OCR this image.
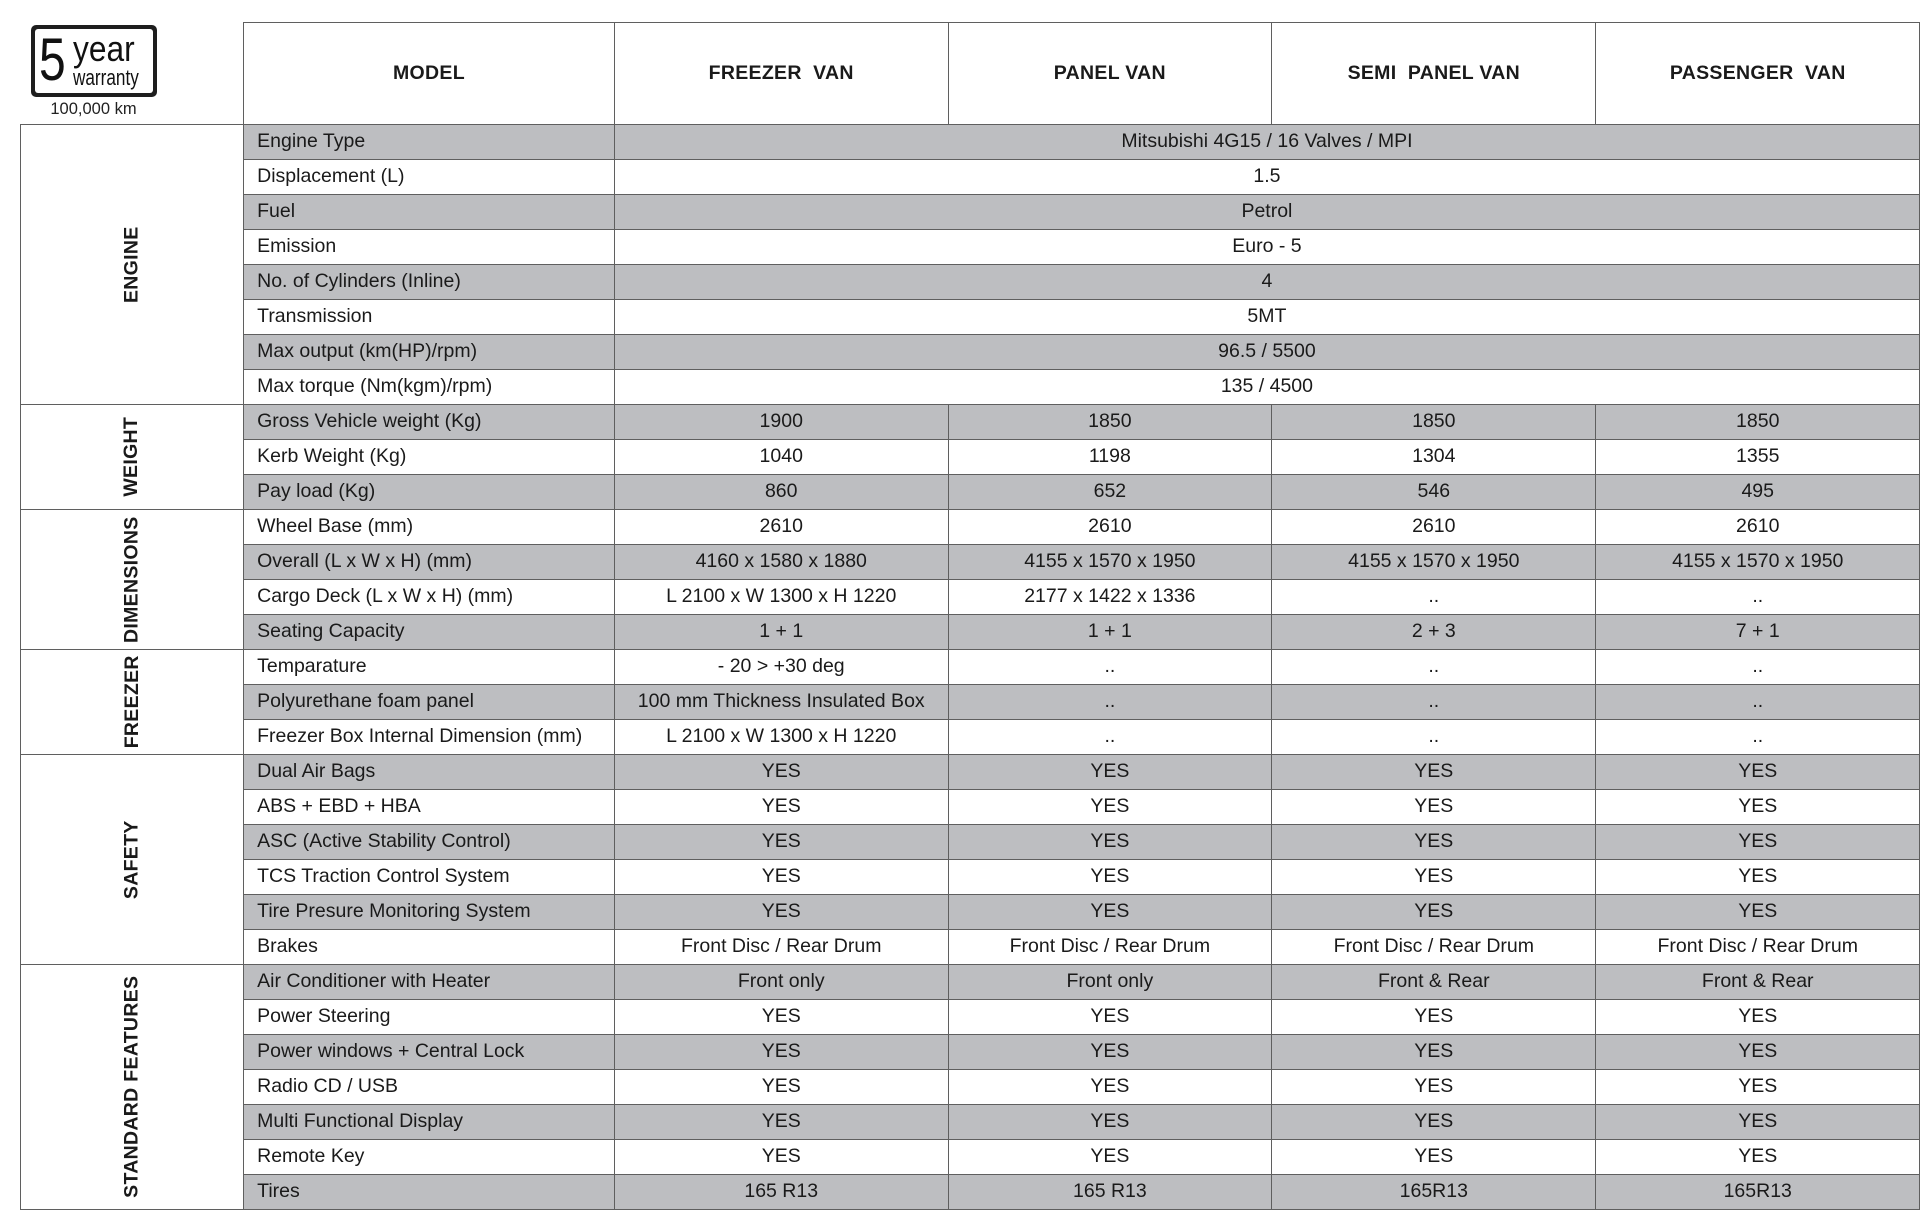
5 year
warranty
100,000 km	MODEL	FREEZER  VAN	PANEL VAN	SEMI  PANEL VAN	PASSENGER  VAN
ENGINE	Engine Type	Mitsubishi 4G15 / 16 Valves / MPI			
	Displacement (L)	1.5			
	Fuel	Petrol			
	Emission	Euro - 5			
	No. of Cylinders (Inline)	4			
	Transmission	5MT			
	Max output (km(HP)/rpm)	96.5 / 5500			
	Max torque (Nm(kgm)/rpm)	135 / 4500			
WEIGHT	Gross Vehicle weight (Kg)	1900	1850	1850	1850
	Kerb Weight (Kg)	1040	1198	1304	1355
	Pay load (Kg)	860	652	546	495
DIMENSIONS	Wheel Base (mm)	2610	2610	2610	2610
	Overall (L x W x H) (mm)	4160 x 1580 x 1880	4155 x 1570 x 1950	4155 x 1570 x 1950	4155 x 1570 x 1950
	Cargo Deck (L x W x H) (mm)	L 2100 x W 1300 x H 1220	2177 x 1422 x 1336	..	..
	Seating Capacity	1 + 1	1 + 1	2 + 3	7 + 1
FREEZER	Temparature	- 20 > +30 deg	..	..	..
	Polyurethane foam panel	100 mm Thickness Insulated Box	..	..	..
	Freezer Box Internal Dimension (mm)	L 2100 x W 1300 x H 1220	..	..	..
SAFETY	Dual Air Bags	YES	YES	YES	YES
	ABS + EBD + HBA	YES	YES	YES	YES
	ASC (Active Stability Control)	YES	YES	YES	YES
	TCS Traction Control System	YES	YES	YES	YES
	Tire Presure Monitoring System	YES	YES	YES	YES
	Brakes	Front Disc / Rear Drum	Front Disc / Rear Drum	Front Disc / Rear Drum	Front Disc / Rear Drum
STANDARD FEATURES	Air Conditioner with Heater	Front only	Front only	Front & Rear	Front & Rear
	Power Steering	YES	YES	YES	YES
	Power windows + Central Lock	YES	YES	YES	YES
	Radio CD / USB	YES	YES	YES	YES
	Multi Functional Display	YES	YES	YES	YES
	Remote Key	YES	YES	YES	YES
	Tires	165 R13	165 R13	165R13	165R13
